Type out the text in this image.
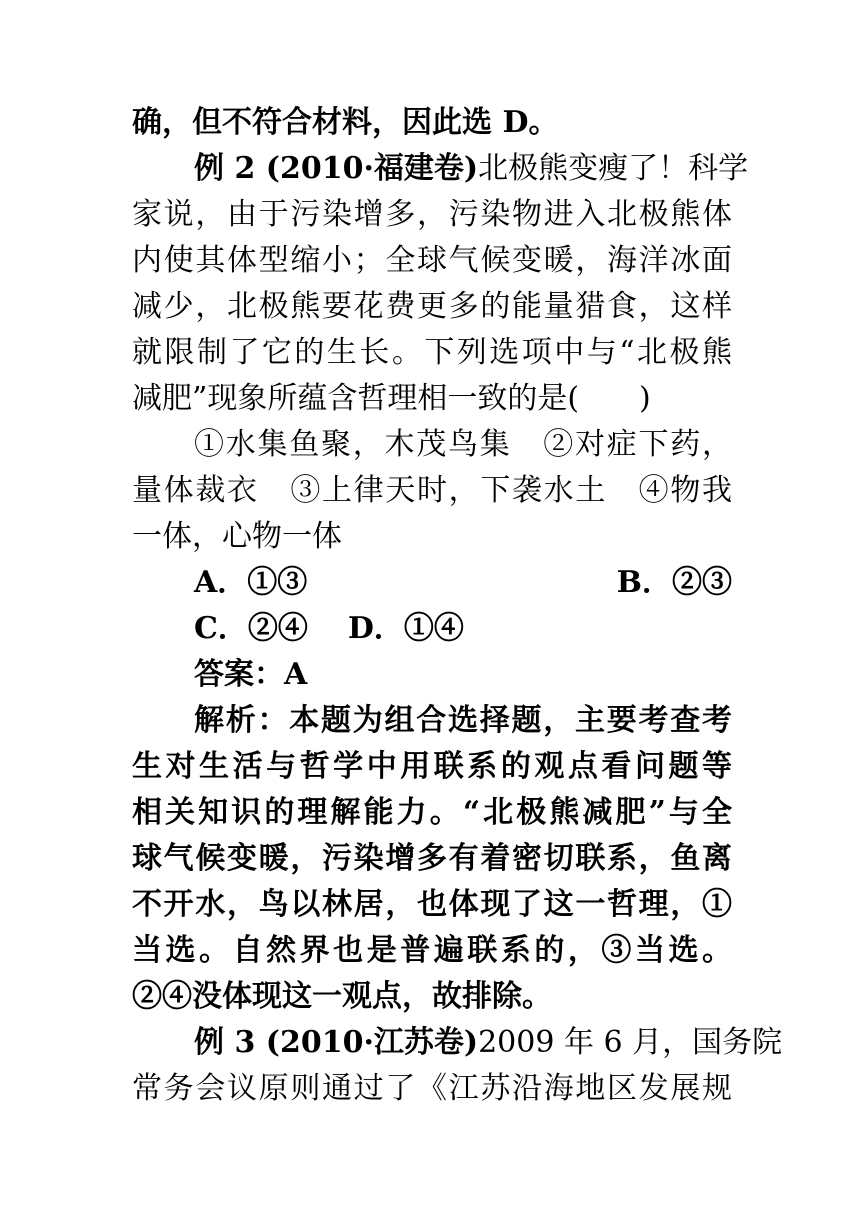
确，但不符合材料，因此选 D。
例 2 (2010·福建卷)北极熊变瘦了！科学
家说，由于污染增多，污染物进入北极熊体
内使其体型缩小；全球气候变暖，海洋冰面
减少，北极熊要花费更多的能量猎食，这样
就限制了它的生长。下列选项中与“北极熊
减肥”现象所蕴含哲理相一致的是(　　)
①水集鱼聚，木茂鸟集　②对症下药，
量体裁衣　③上律天时，下袭水土　④物我
一体，心物一体
A．①③	B．②③
C．②④ D．①④
答案：A
解析：本题为组合选择题，主要考查考
生对生活与哲学中用联系的观点看问题等
相关知识的理解能力。“北极熊减肥”与全
球气候变暖，污染增多有着密切联系，鱼离
不开水，鸟以林居，也体现了这一哲理，①
当选。自然界也是普遍联系的，③当选。
②④没体现这一观点，故排除。
例 3 (2010·江苏卷)2009 年 6 月，国务院
常务会议原则通过了《江苏沿海地区发展规
